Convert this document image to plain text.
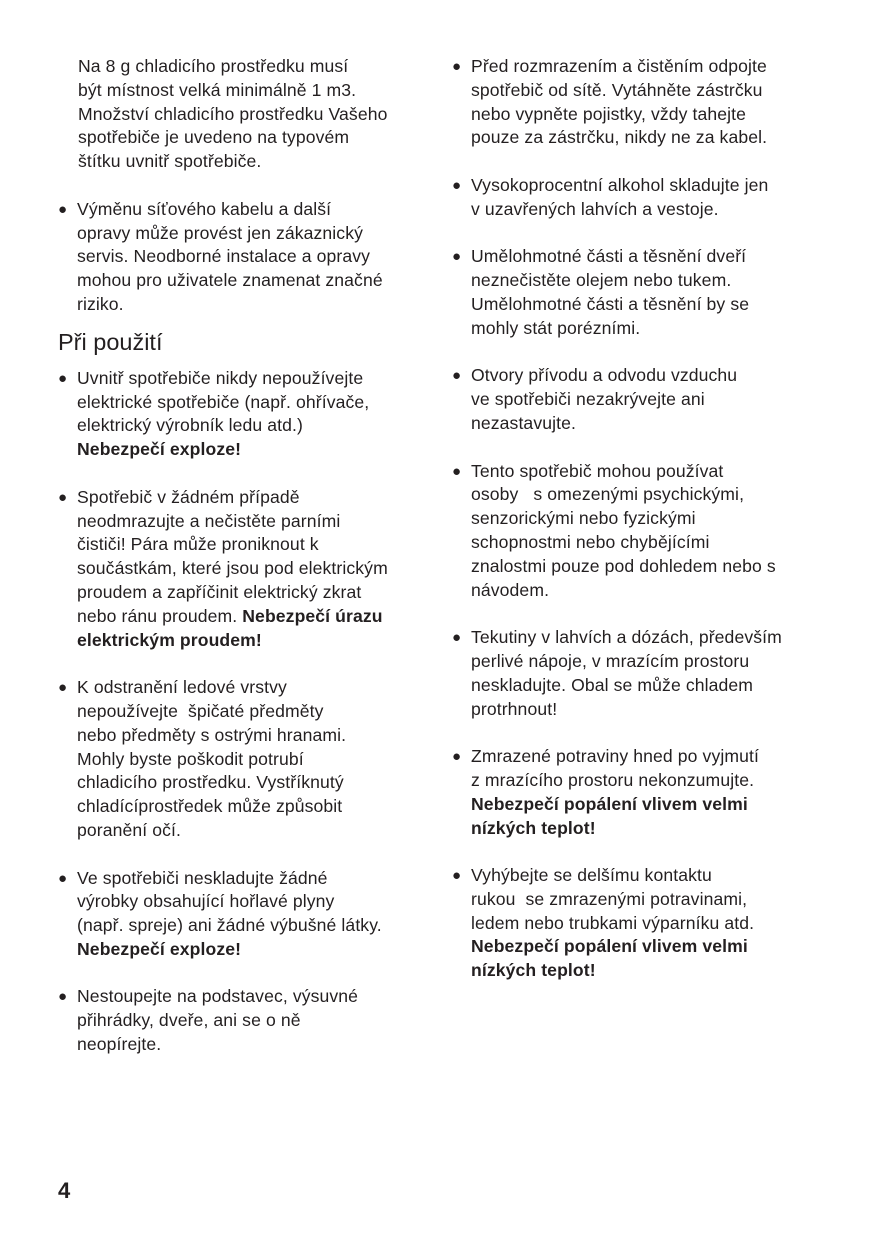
Na 8 g chladicího prostředku musí
být místnost velká minimálně 1 m3.
Množství chladicího prostředku Vašeho
spotřebiče je uvedeno na typovém
štítku uvnitř spotřebiče.
● Výměnu síťového kabelu a další
opravy může provést jen zákaznický
servis. Neodborné instalace a opravy
mohou pro uživatele znamenat značné
riziko.
Při použití
● Uvnitř spotřebiče nikdy nepoužívejte
elektrické spotřebiče (např. ohřívače,
elektrický výrobník ledu atd.)
Nebezpečí exploze!
● Spotřebič v žádném případě
neodmrazujte a nečistěte parními
čističi! Pára může proniknout k
součástkám, které jsou pod elektrickým
proudem a zapříčinit elektrický zkrat
nebo ránu proudem. Nebezpečí úrazu
elektrickým proudem!
● K odstranění ledové vrstvy
nepoužívejte  špičaté předměty
nebo předměty s ostrými hranami.
Mohly byste poškodit potrubí
chladicího prostředku. Vystříknutý
chladícíprostředek může způsobit
poranění očí.
● Ve spotřebiči neskladujte žádné
výrobky obsahující hořlavé plyny
(např. spreje) ani žádné výbušné látky.
Nebezpečí exploze!
● Nestoupejte na podstavec, výsuvné
přihrádky, dveře, ani se o ně
neopírejte.
● Před rozmrazením a čistěním odpojte
spotřebič od sítě. Vytáhněte zástrčku
nebo vypněte pojistky, vždy tahejte
pouze za zástrčku, nikdy ne za kabel.
● Vysokoprocentní alkohol skladujte jen
v uzavřených lahvích a vestoje.
● Umělohmotné části a těsnění dveří
neznečistěte olejem nebo tukem.
Umělohmotné části a těsnění by se
mohly stát porézními.
● Otvory přívodu a odvodu vzduchu
ve spotřebiči nezakrývejte ani
nezastavujte.
● Tento spotřebič mohou používat
osoby   s omezenými psychickými,
senzorickými nebo fyzickými
schopnostmi nebo chybějícími
znalostmi pouze pod dohledem nebo s
návodem.
● Tekutiny v lahvích a dózách, především
perlivé nápoje, v mrazícím prostoru
neskladujte. Obal se může chladem
protrhnout!
● Zmrazené potraviny hned po vyjmutí
z mrazícího prostoru nekonzumujte.
Nebezpečí popálení vlivem velmi
nízkých teplot!
● Vyhýbejte se delšímu kontaktu
rukou  se zmrazenými potravinami,
ledem nebo trubkami výparníku atd.
Nebezpečí popálení vlivem velmi
nízkých teplot!
4
